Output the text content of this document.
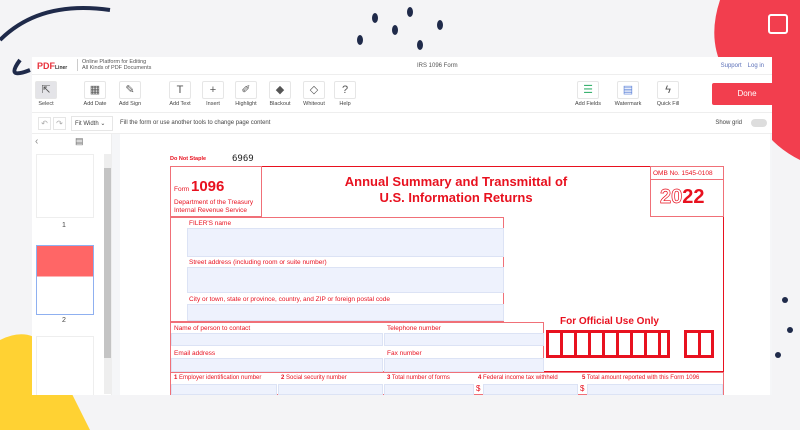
PDFLiner
Online Platform for Editing
All Kinds of PDF Documents	IRS 1096 Form	Support Log in
⇱
Select
▦
Add Date
✎
Add Sign
T
Add Text
+
Insert
✐
Highlight
◆
Blackout
◇
Whiteout
?
Help
☰
Add Fields
▤
Watermark
ϟ
Quick Fill
Done
↶	↷	Fit Width ⌄	Fill the form or use another tools to change page content	Show grid
‹	▤
1
2
Do Not Staple	6969
Form 1096
Department of the Treasury
Internal Revenue Service
Annual Summary and Transmittal of
U.S. Information Returns
OMB No. 1545-0108
2022
FILER'S name
Street address (including room or suite number)
City or town, state or province, country, and ZIP or foreign postal code
Name of person to contact	Telephone number
Email address	Fax number
For Official Use Only
1 Employer identification number	2 Social security number	3 Total number of forms	4 Federal income tax withheld	5 Total amount reported with this Form 1096
$	$
